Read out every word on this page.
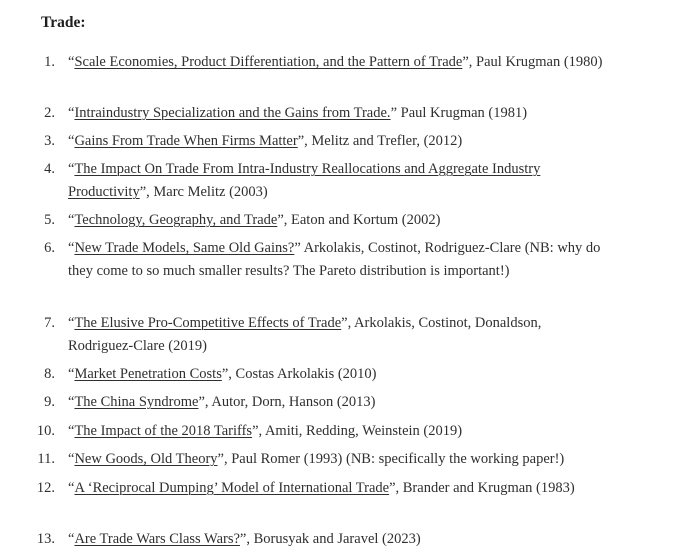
Trade:
1. “Scale Economies, Product Differentiation, and the Pattern of Trade”, Paul Krugman (1980)
2. “Intraindustry Specialization and the Gains from Trade.” Paul Krugman (1981)
3. “Gains From Trade When Firms Matter”, Melitz and Trefler, (2012)
4. “The Impact On Trade From Intra-Industry Reallocations and Aggregate Industry Productivity”, Marc Melitz (2003)
5. “Technology, Geography, and Trade”, Eaton and Kortum (2002)
6. “New Trade Models, Same Old Gains?” Arkolakis, Costinot, Rodriguez-Clare (NB: why do they come to so much smaller results? The Pareto distribution is important!)
7. “The Elusive Pro-Competitive Effects of Trade”, Arkolakis, Costinot, Donaldson, Rodriguez-Clare (2019)
8. “Market Penetration Costs”, Costas Arkolakis (2010)
9. “The China Syndrome”, Autor, Dorn, Hanson (2013)
10. “The Impact of the 2018 Tariffs”, Amiti, Redding, Weinstein (2019)
11. “New Goods, Old Theory”, Paul Romer (1993) (NB: specifically the working paper!)
12. “A ‘Reciprocal Dumping’ Model of International Trade”, Brander and Krugman (1983)
13. “Are Trade Wars Class Wars?”, Borusyak and Jaravel (2023)
